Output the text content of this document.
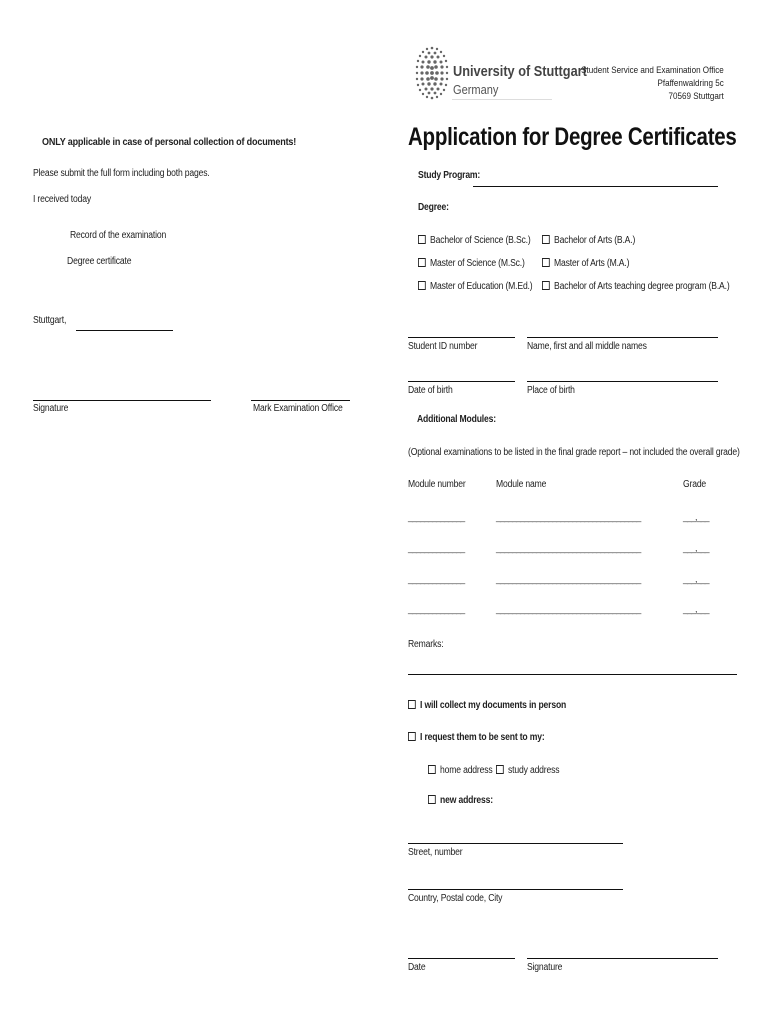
University of Stuttgart
Germany
Student Service and Examination Office
Pfaffenwaldring 5c
70569 Stuttgart
ONLY applicable in case of personal collection of documents!
Please submit the full form including both pages.
I received today
Record of the examination
Degree certificate
Stuttgart,
Signature	Mark Examination Office
Application for Degree Certificates
Study Program:
Degree:
Bachelor of Science (B.Sc.)	Bachelor of Arts (B.A.)
Master of Science (M.Sc.)	Master of Arts (M.A.)
Master of Education (M.Ed.)	Bachelor of Arts teaching degree program (B.A.)
Student ID number	Name, first and all middle names
Date of birth	Place of birth
Additional Modules:
(Optional examinations to be listed in the final grade report – not included the overall grade)
Module number	Module name	Grade
______________	____________________________________	___,___
______________	____________________________________	___,___
______________	____________________________________	___,___
______________	____________________________________	___,___
Remarks:
I will collect my documents in person
I request them to be sent to my:
home address	study address
new address:
Street, number
Country, Postal code, City
Date	Signature
